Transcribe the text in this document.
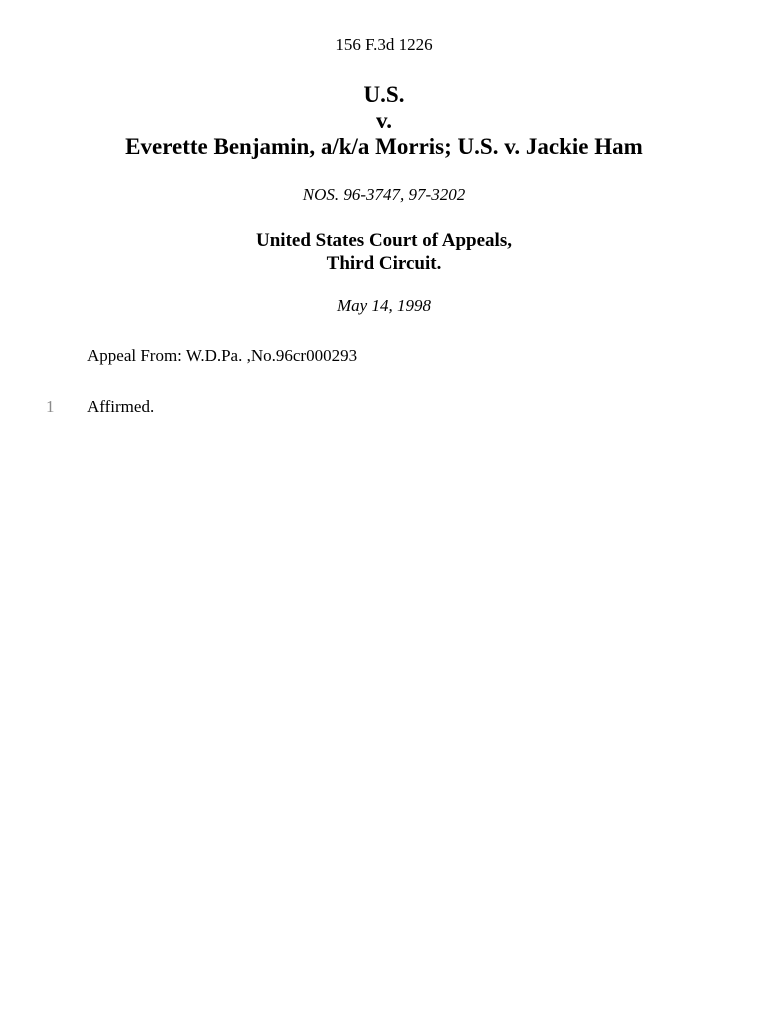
156 F.3d 1226
U.S.
v.
Everette Benjamin, a/k/a Morris; U.S. v. Jackie Ham
NOS. 96-3747, 97-3202
United States Court of Appeals,
Third Circuit.
May 14, 1998
Appeal From: W.D.Pa. ,No.96cr000293
1 Affirmed.
